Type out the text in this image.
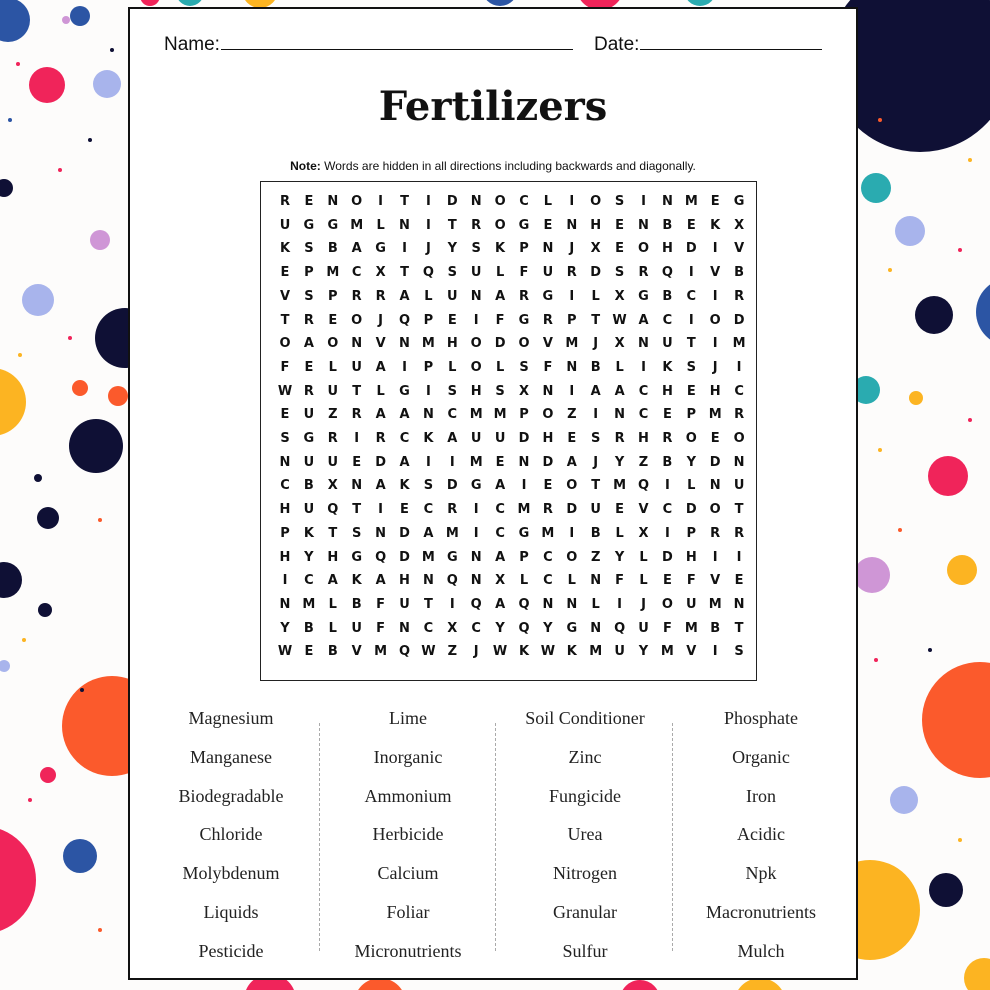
Name:	Date:
Fertilizers
Note: Words are hidden in all directions including backwards and diagonally.
R	E	N O	I	T	I	D	N O	C	L	I	O	S	I	N M E	G
U	G	G M	L	N	I	T	R	O	G	E	N	H	E	N	B	E	K	X
K	S	B	A	G	I	J	Y	S	K	P	N	J	X	E	O H	D	I	V
E	P M C	X	T	Q	S	U	L	F	U	R	D	S	R	Q	I	V	B
V	S	P	R	R	A	L	U	N	A	R	G	I	L	X	G	B	C	I	R
T	R	E	O	J	Q	P	E	I	F	G	R	P	T W A	C	I	O D
O	A	O N	V	N M H O D O	V M	J	X	N	U	T	I	M
F	E	L	U	A	I	P	L	O	L	S	F	N	B	L	I	K	S	J	I
W R	U	T	L	G	I	S	H	S	X	N	I	A	A	C	H	E	H	C
E	U	Z	R	A	A	N	C M M P	O	Z	I	N	C	E	P M R
S	G	R	I	R	C	K	A	U	U	D	H	E	S	R	H	R	O	E	O
N	U	U	E	D	A	I	I	M E	N	D	A	J	Y	Z	B	Y	D	N
C	B	X	N	A	K	S	D	G	A	I	E	O	T	M Q	I	L	N	U
H	U	Q	T	I	E	C	R	I	C M R	D	U	E	V	C	D O	T
P	K	T	S	N	D	A M	I	C	G M	I	B	L	X	I	P	R	R
H	Y	H	G	Q D M G	N	A	P	C	O	Z	Y	L	D	H	I	I
I	C	A	K	A	H	N Q N	X	L	C	L	N	F	L	E	F	V	E
N M	L	B	F	U	T	I	Q	A	Q N	N	L	I	J	O	U M N
Y	B	L	U	F	N	C	X	C	Y	Q	Y	G	N Q	U	F	M B	T
W E	B	V M Q W Z	J	W K W K M U	Y M V	I	S
Magnesium
Manganese
Biodegradable
Chloride
Molybdenum
Liquids
Pesticide
Lime
Inorganic
Ammonium
Herbicide
Calcium
Foliar
Micronutrients
Soil Conditioner
Zinc
Fungicide
Urea
Nitrogen
Granular
Sulfur
Phosphate
Organic
Iron
Acidic
Npk
Macronutrients
Mulch
